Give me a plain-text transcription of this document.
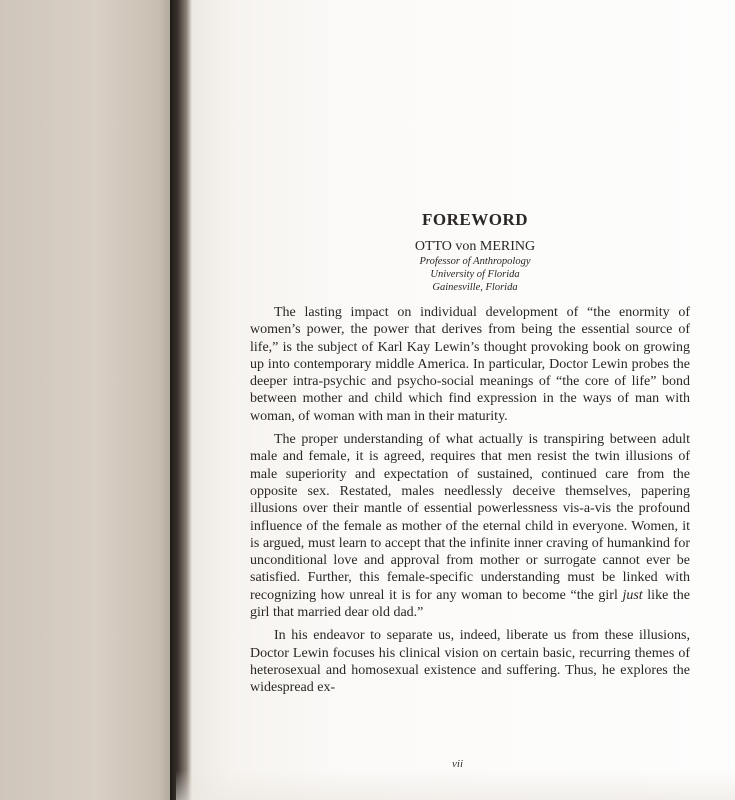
FOREWORD

OTTO von MERING

Professor of Anthropology

University of Florida

Gainesville, Florida

The lasting impact on individual development of “the enormity of women’s power, the power that derives from being the essential source of life,” is the subject of Karl Kay Lewin’s thought provoking book on growing up into contemporary middle America. In particular, Doctor Lewin probes the deeper intra-psychic and psycho-social meanings of “the core of life” bond between mother and child which find expression in the ways of man with woman, of woman with man in their maturity.

The proper understanding of what actually is transpiring between adult male and female, it is agreed, requires that men resist the twin illusions of male superiority and expectation of sustained, continued care from the opposite sex. Restated, males needlessly deceive themselves, papering illusions over their mantle of essential powerlessness vis-a-vis the profound influence of the female as mother of the eternal child in everyone. Women, it is argued, must learn to accept that the infinite inner craving of humankind for unconditional love and approval from mother or surrogate cannot ever be satisfied. Further, this female-specific understanding must be linked with recognizing how unreal it is for any woman to become “the girl just like the girl that married dear old dad.”

In his endeavor to separate us, indeed, liberate us from these illusions, Doctor Lewin focuses his clinical vision on certain basic, recurring themes of heterosexual and homosexual existence and suffering. Thus, he explores the widespread ex-

vii
